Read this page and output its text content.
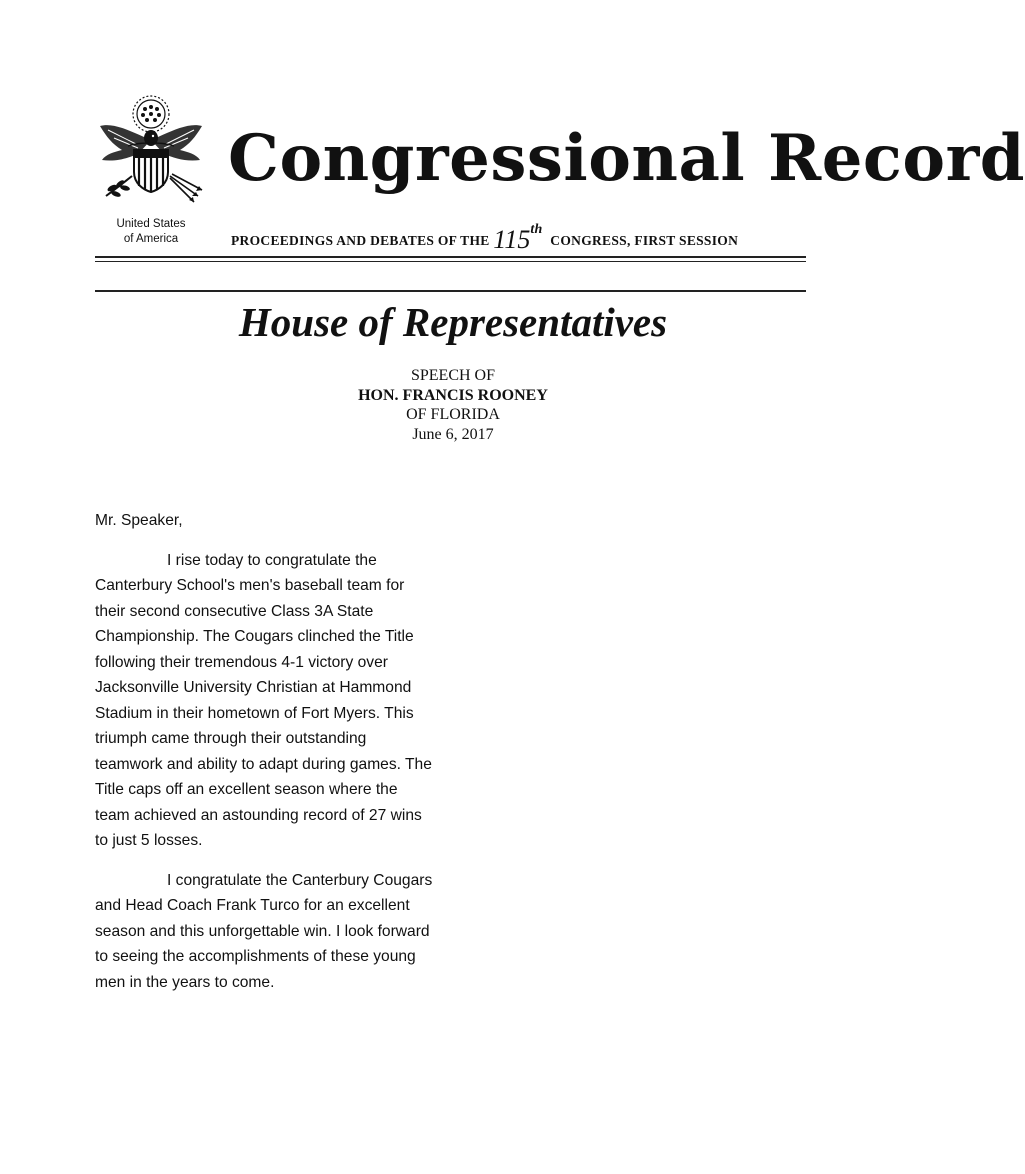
United States
of America
Congressional Record
PROCEEDINGS AND DEBATES OF THE 115th CONGRESS, FIRST SESSION
House of Representatives
SPEECH OF
HON. FRANCIS ROONEY
OF FLORIDA
June 6, 2017

Mr. Speaker,

I rise today to congratulate the Canterbury School's men's baseball team for their second consecutive Class 3A State Championship. The Cougars clinched the Title following their tremendous 4-1 victory over Jacksonville University Christian at Hammond Stadium in their hometown of Fort Myers. This triumph came through their outstanding teamwork and ability to adapt during games. The Title caps off an excellent season where the team achieved an astounding record of 27 wins to just 5 losses.

I congratulate the Canterbury Cougars and Head Coach Frank Turco for an excellent season and this unforgettable win. I look forward to seeing the accomplishments of these young men in the years to come.
